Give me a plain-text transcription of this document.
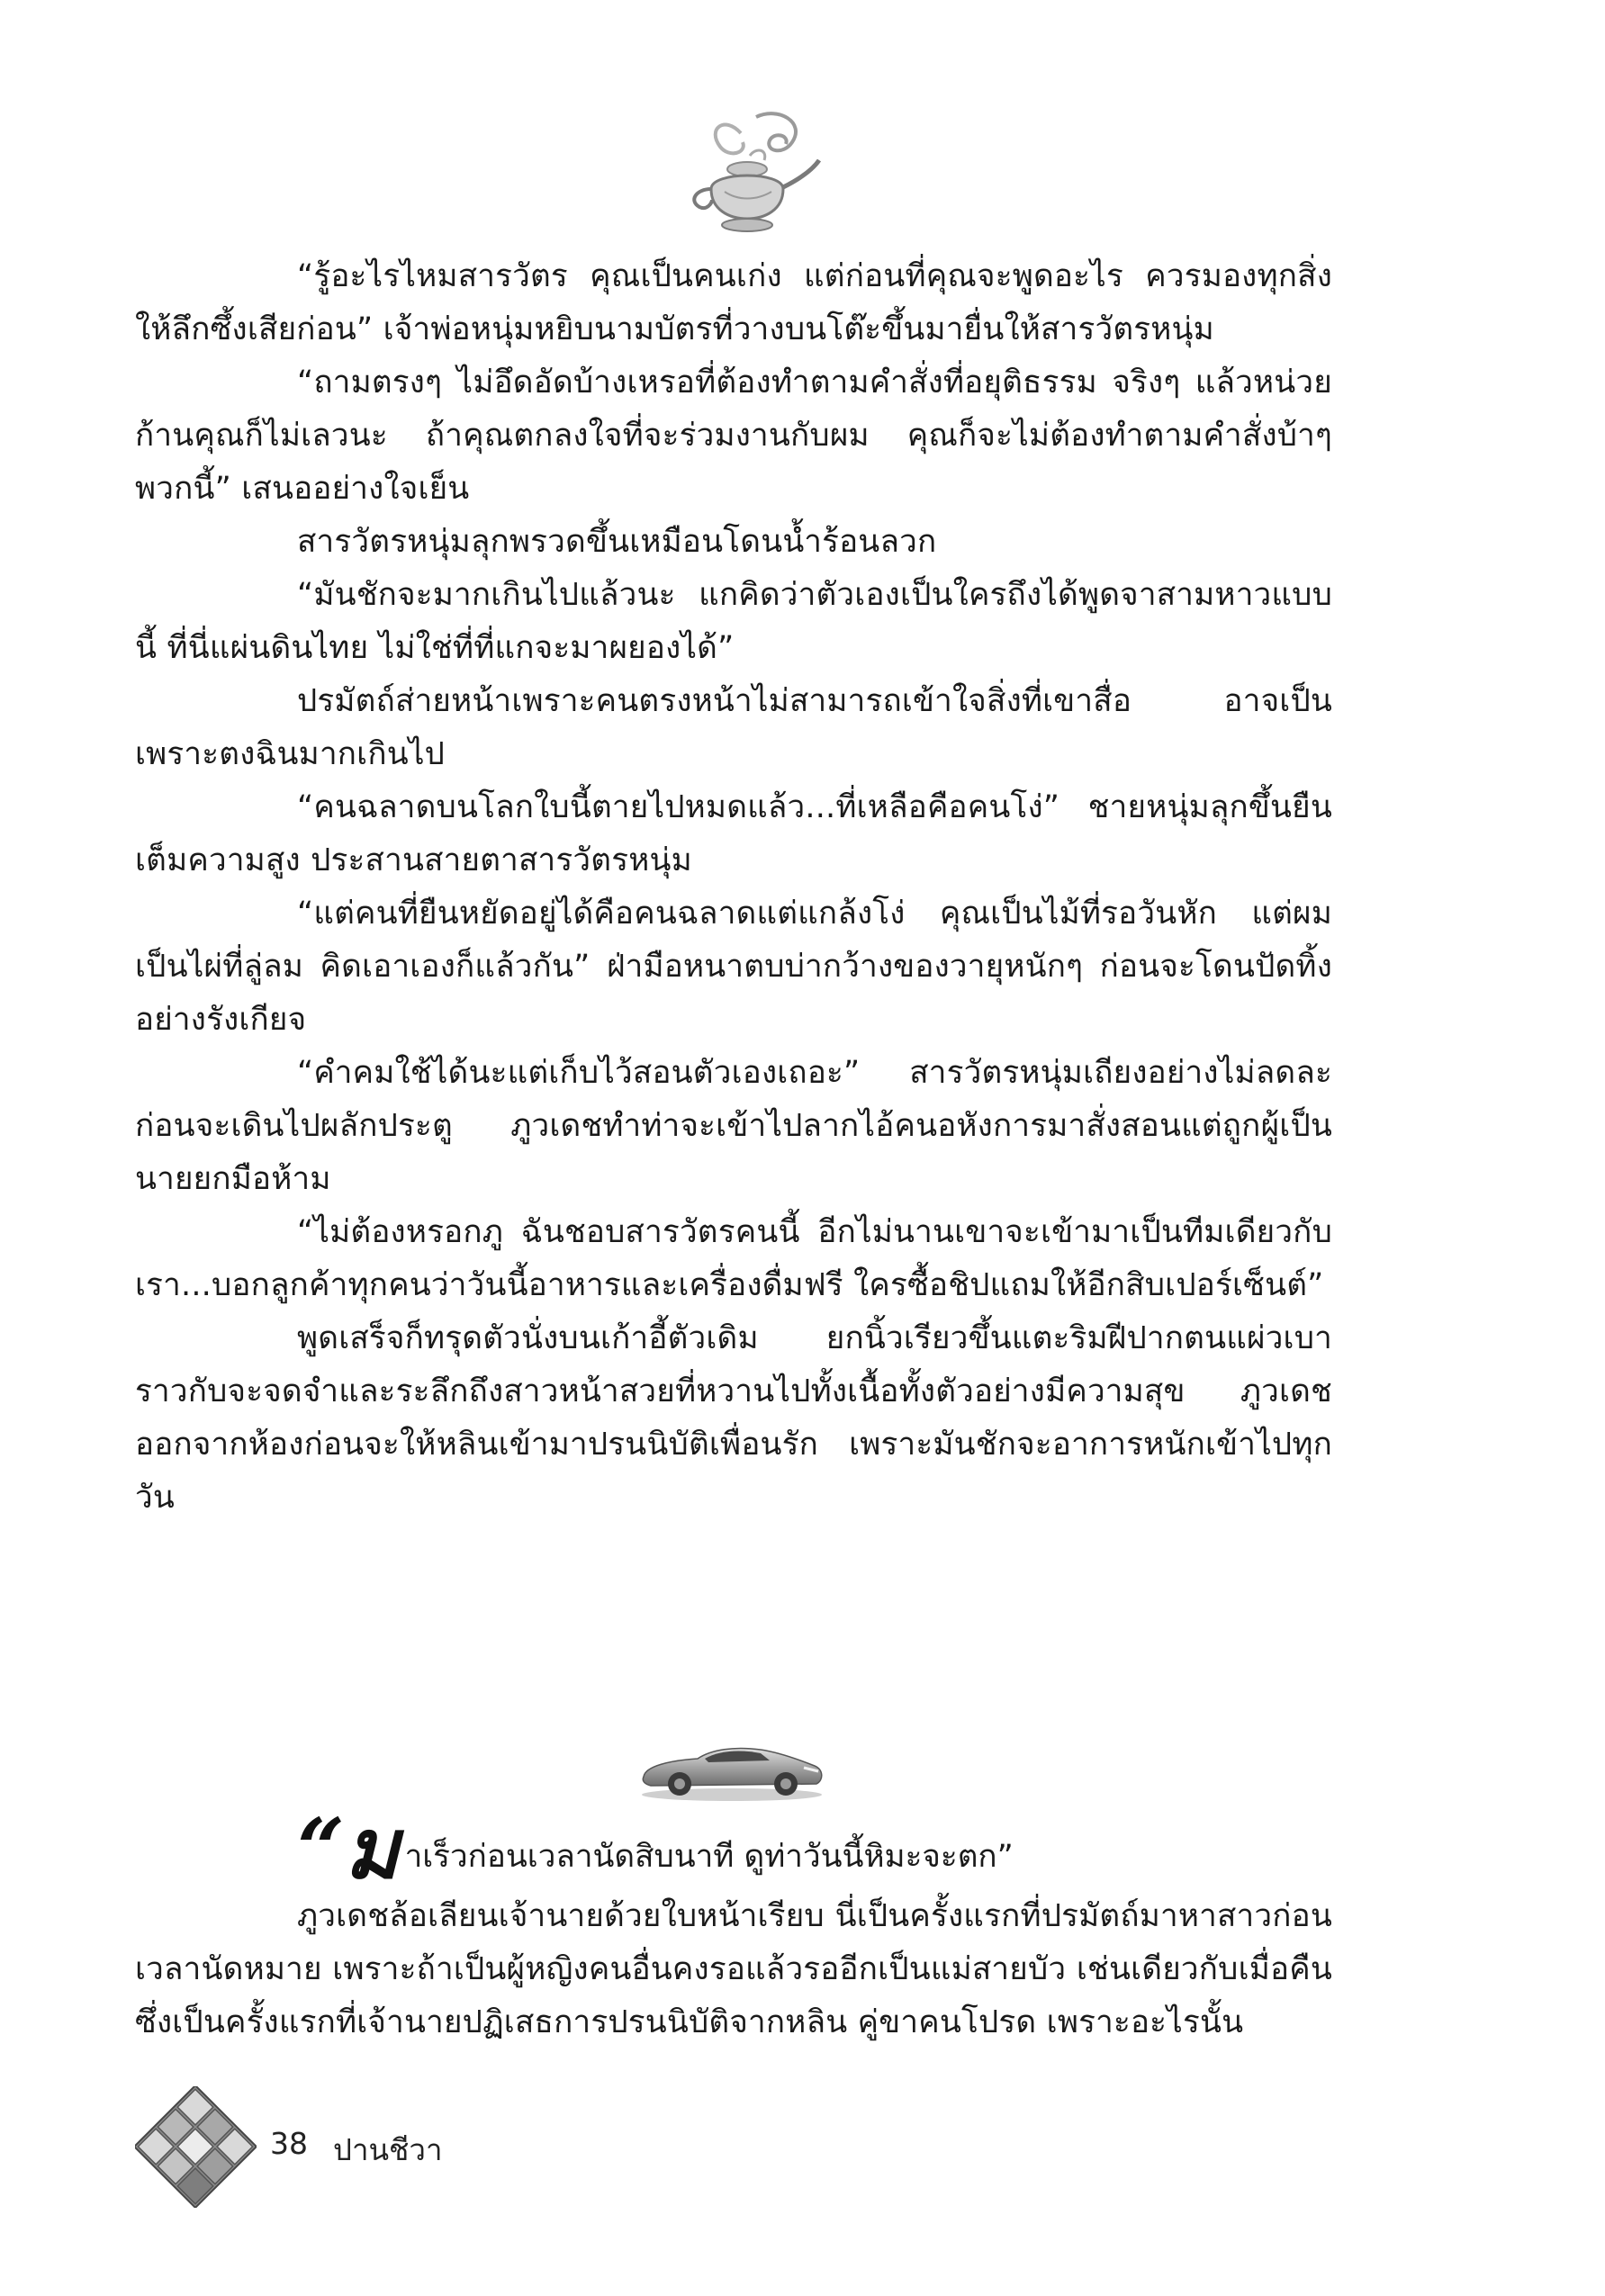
“รู้อะไรไหมสารวัตร คุณเป็นคนเก่ง แต่ก่อนที่คุณจะพูดอะไร ควรมองทุกสิ่งให้ลึกซึ้งเสียก่อน” เจ้าพ่อหนุ่มหยิบนามบัตรที่วางบนโต๊ะขึ้นมายื่นให้สารวัตรหนุ่ม

“ถามตรงๆ ไม่อึดอัดบ้างเหรอที่ต้องทำตามคำสั่งที่อยุติธรรม จริงๆ แล้วหน่วยก้านคุณก็ไม่เลวนะ ถ้าคุณตกลงใจที่จะร่วมงานกับผม คุณก็จะไม่ต้องทำตามคำสั่งบ้าๆ พวกนี้” เสนออย่างใจเย็น

สารวัตรหนุ่มลุกพรวดขึ้นเหมือนโดนน้ำร้อนลวก

“มันชักจะมากเกินไปแล้วนะ แกคิดว่าตัวเองเป็นใครถึงได้พูดจาสามหาวแบบนี้ ที่นี่แผ่นดินไทย ไม่ใช่ที่ที่แกจะมาผยองได้”

ปรมัตถ์ส่ายหน้าเพราะคนตรงหน้าไม่สามารถเข้าใจสิ่งที่เขาสื่อ อาจเป็นเพราะตงฉินมากเกินไป

“คนฉลาดบนโลกใบนี้ตายไปหมดแล้ว...ที่เหลือคือคนโง่” ชายหนุ่มลุกขึ้นยืนเต็มความสูง ประสานสายตาสารวัตรหนุ่ม

“แต่คนที่ยืนหยัดอยู่ได้คือคนฉลาดแต่แกล้งโง่ คุณเป็นไม้ที่รอวันหัก แต่ผมเป็นไผ่ที่ลู่ลม คิดเอาเองก็แล้วกัน” ฝ่ามือหนาตบบ่ากว้างของวายุหนักๆ ก่อนจะโดนปัดทิ้งอย่างรังเกียจ

“คำคมใช้ได้นะแต่เก็บไว้สอนตัวเองเถอะ” สารวัตรหนุ่มเถียงอย่างไม่ลดละก่อนจะเดินไปผลักประตู ภูวเดชทำท่าจะเข้าไปลากไอ้คนอหังการมาสั่งสอนแต่ถูกผู้เป็นนายยกมือห้าม

“ไม่ต้องหรอกภู ฉันชอบสารวัตรคนนี้ อีกไม่นานเขาจะเข้ามาเป็นทีมเดียวกับเรา...บอกลูกค้าทุกคนว่าวันนี้อาหารและเครื่องดื่มฟรี ใครซื้อชิปแถมให้อีกสิบเปอร์เซ็นต์”

พูดเสร็จก็ทรุดตัวนั่งบนเก้าอี้ตัวเดิม ยกนิ้วเรียวขึ้นแตะริมฝีปากตนแผ่วเบาราวกับจะจดจำและระลึกถึงสาวหน้าสวยที่หวานไปทั้งเนื้อทั้งตัวอย่างมีความสุข ภูวเดชออกจากห้องก่อนจะให้หลินเข้ามาปรนนิบัติเพื่อนรัก เพราะมันชักจะอาการหนักเข้าไปทุกวัน

“ม าเร็วก่อนเวลานัดสิบนาที ดูท่าวันนี้หิมะจะตก”

ภูวเดชล้อเลียนเจ้านายด้วยใบหน้าเรียบ นี่เป็นครั้งแรกที่ปรมัตถ์มาหาสาวก่อนเวลานัดหมาย เพราะถ้าเป็นผู้หญิงคนอื่นคงรอแล้วรออีกเป็นแม่สายบัว เช่นเดียวกับเมื่อคืนซึ่งเป็นครั้งแรกที่เจ้านายปฏิเสธการปรนนิบัติจากหลิน คู่ขาคนโปรด เพราะอะไรนั้น

38 ปานชีวา
